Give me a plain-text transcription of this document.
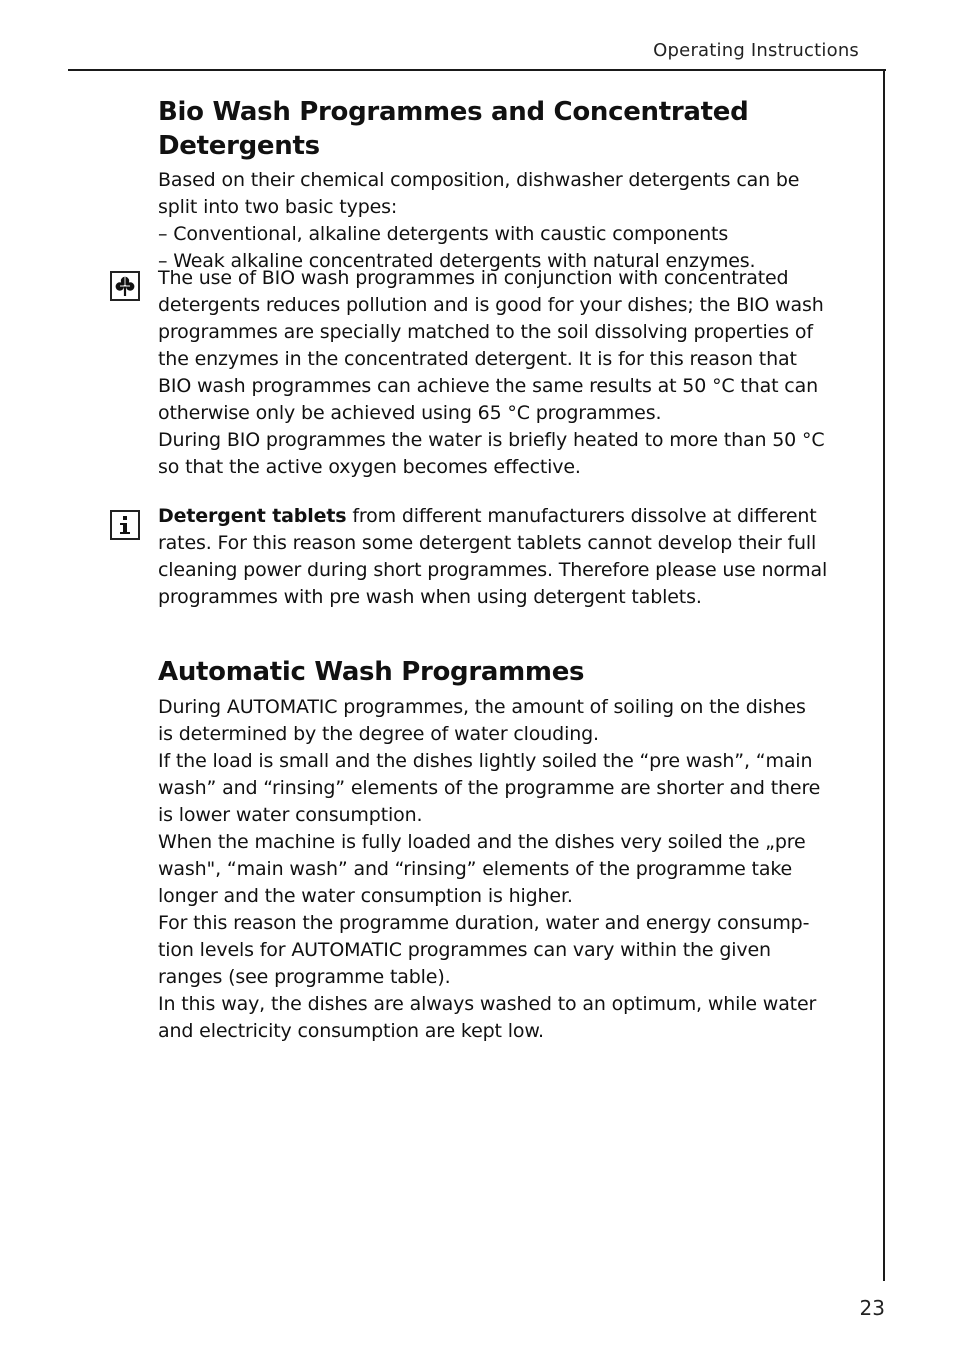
Operating Instructions
Bio Wash Programmes and Concentrated Detergents

Based on their chemical composition, dishwasher detergents can be

split into two basic types:

– Conventional, alkaline detergents with caustic components

– Weak alkaline concentrated detergents with natural enzymes.

The use of BIO wash programmes in conjunction with concentrated

detergents reduces pollution and is good for your dishes; the BIO wash

programmes are specially matched to the soil dissolving properties of

the enzymes in the concentrated detergent. It is for this reason that

BIO wash programmes can achieve the same results at 50 °C that can

otherwise only be achieved using 65 °C programmes.

During BIO programmes the water is briefly heated to more than 50 °C

so that the active oxygen becomes effective.

Detergent tablets from different manufacturers dissolve at different

rates. For this reason some detergent tablets cannot develop their full

cleaning power during short programmes. Therefore please use normal

programmes with pre wash when using detergent tablets.

Automatic Wash Programmes

During AUTOMATIC programmes, the amount of soiling on the dishes

is determined by the degree of water clouding.

If the load is small and the dishes lightly soiled the “pre wash”, “main

wash” and “rinsing” elements of the programme are shorter and there

is lower water consumption.

When the machine is fully loaded and the dishes very soiled the „pre

wash", “main wash” and “rinsing” elements of the programme take

longer and the water consumption is higher.

For this reason the programme duration, water and energy consump-

tion levels for AUTOMATIC programmes can vary within the given

ranges (see programme table).

In this way, the dishes are always washed to an optimum, while water

and electricity consumption are kept low.

23
